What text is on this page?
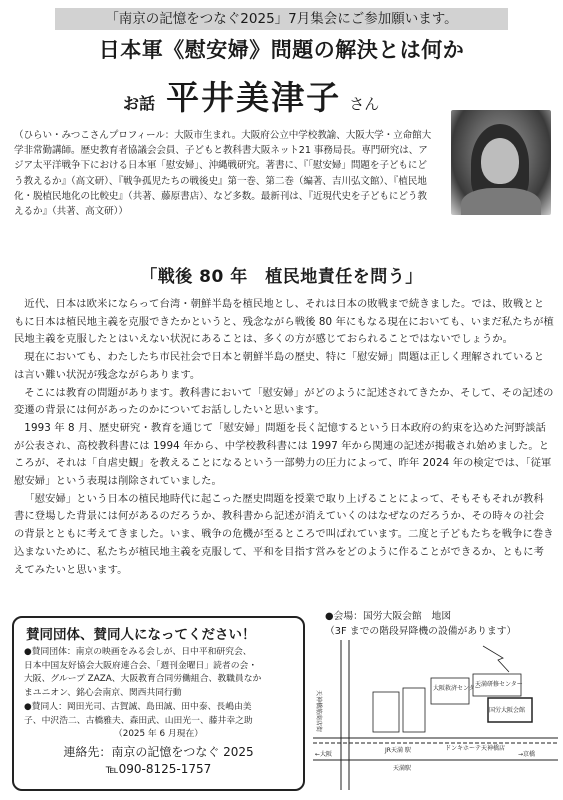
「南京の記憶をつなぐ2025」7月集会にご参加願います。
日本軍《慰安婦》問題の解決とは何か
お話 平井美津子 さん
（ひらい・みつこさんプロフィール：大阪市生まれ。大阪府公立中学校教諭、大阪大学・立命館大学非常勤講師。歴史教育者協議会会員、子どもと教科書大阪ネット21 事務局長。専門研究は、アジア太平洋戦争下における日本軍「慰安婦」、沖縄戦研究。著書に、『「慰安婦」問題を子どもにどう教えるか』（高文研）、『戦争孤児たちの戦後史』第一巻、第二巻（編著、吉川弘文館）、『植民地化・脱植民地化の比較史』（共著、藤原書店）、など多数。最新刊は、『近現代史を子どもにどう教えるか』（共著、高文研））
「戦後 80 年　植民地責任を問う」

近代、日本は欧米にならって台湾・朝鮮半島を植民地とし、それは日本の敗戦まで続きました。では、敗戦とともに日本は植民地主義を克服できたかというと、残念ながら戦後 80 年にもなる現在においても、いまだ私たちが植民地主義を克服したとはいえない状況にあることは、多くの方が感じておられることではないでしょうか。

現在においても、わたしたち市民社会で日本と朝鮮半島の歴史、特に「慰安婦」問題は正しく理解されているとは言い難い状況が残念ながらあります。

そこには教育の問題があります。教科書において「慰安婦」がどのように記述されてきたか、そして、その記述の変遷の背景には何があったのかについてお話ししたいと思います。

1993 年 8 月、歴史研究・教育を通じて「慰安婦」問題を長く記憶するという日本政府の約束を込めた河野談話が公表され、高校教科書には 1994 年から、中学校教科書には 1997 年から関連の記述が掲載され始めました。ところが、それは「自虐史観」を教えることになるという一部勢力の圧力によって、昨年 2024 年の検定では、「従軍慰安婦」という表現は削除されていました。

「慰安婦」という日本の植民地時代に起こった歴史問題を授業で取り上げることによって、そもそもそれが教科書に登場した背景には何があるのだろうか、教科書から記述が消えていくのはなぜなのだろうか、その時々の社会の背景とともに考えてきました。いま、戦争の危機が至るところで叫ばれています。二度と子どもたちを戦争に巻き込まないために、私たちが植民地主義を克服して、平和を目指す営みをどのように作ることができるか、ともに考えてみたいと思います。

賛同団体、賛同人になってください！
●賛同団体：南京の映画をみる会しが、日中平和研究会、
日本中国友好協会大阪府連合会、「週刊金曜日」読者の会・
大阪、グループ ZAZA、大阪教育合同労働組合、教職員なか
まユニオン、銘心会南京、関西共同行動
●賛同人：岡田光司、古賀誠、島田誠、田中泰、長嶋由美
子、中沢浩二、古橋雅夫、森田武、山田光一、藤井幸之助
（2025 年 6 月現在）
連絡先：南京の記憶をつなぐ 2025
℡090-8125-1757
●会場：国労大阪会館　地図
（3F までの階段昇降機の設備があります）
天神橋筋商店街	国労大阪会館
大阪救済センター
天満研修センター
JR天満 駅
天満駅
←大阪	→京橋
ドンキホーテ天神橋店
